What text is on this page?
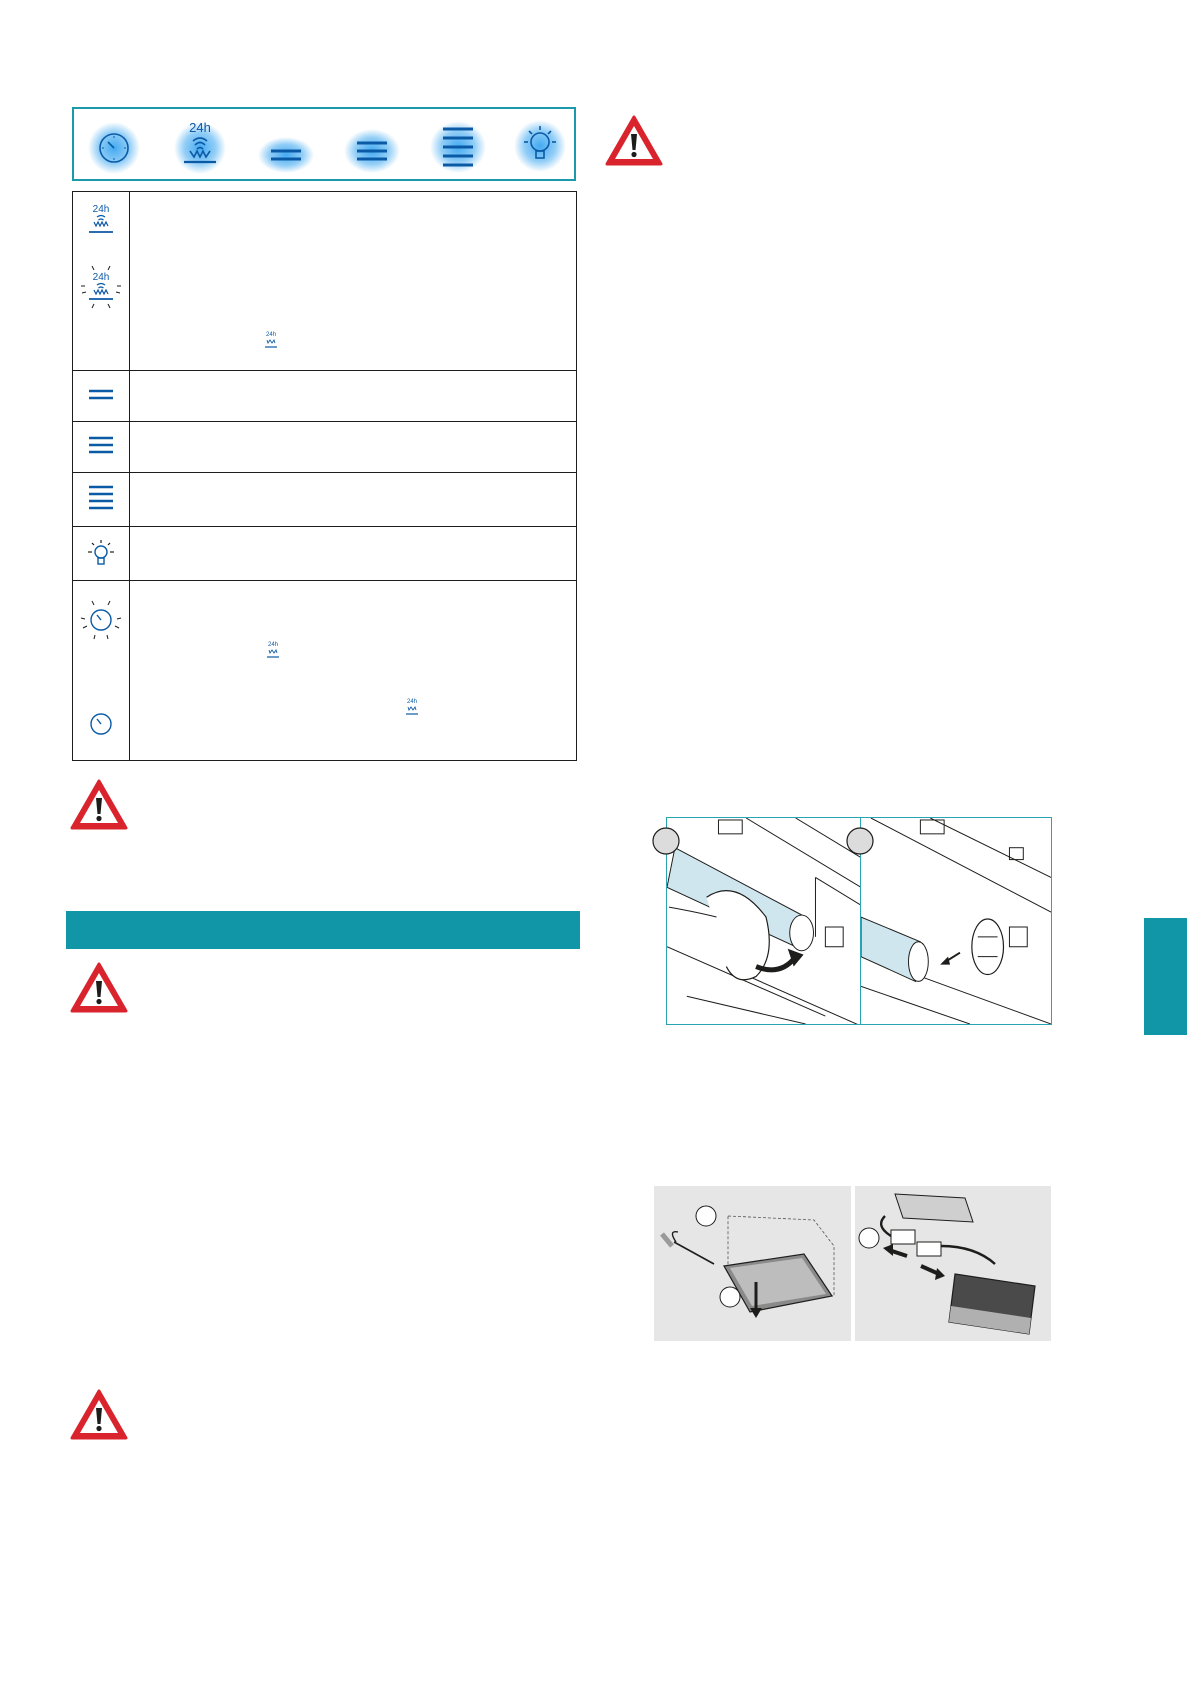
24h
24h
24h
24h
24h
24h
